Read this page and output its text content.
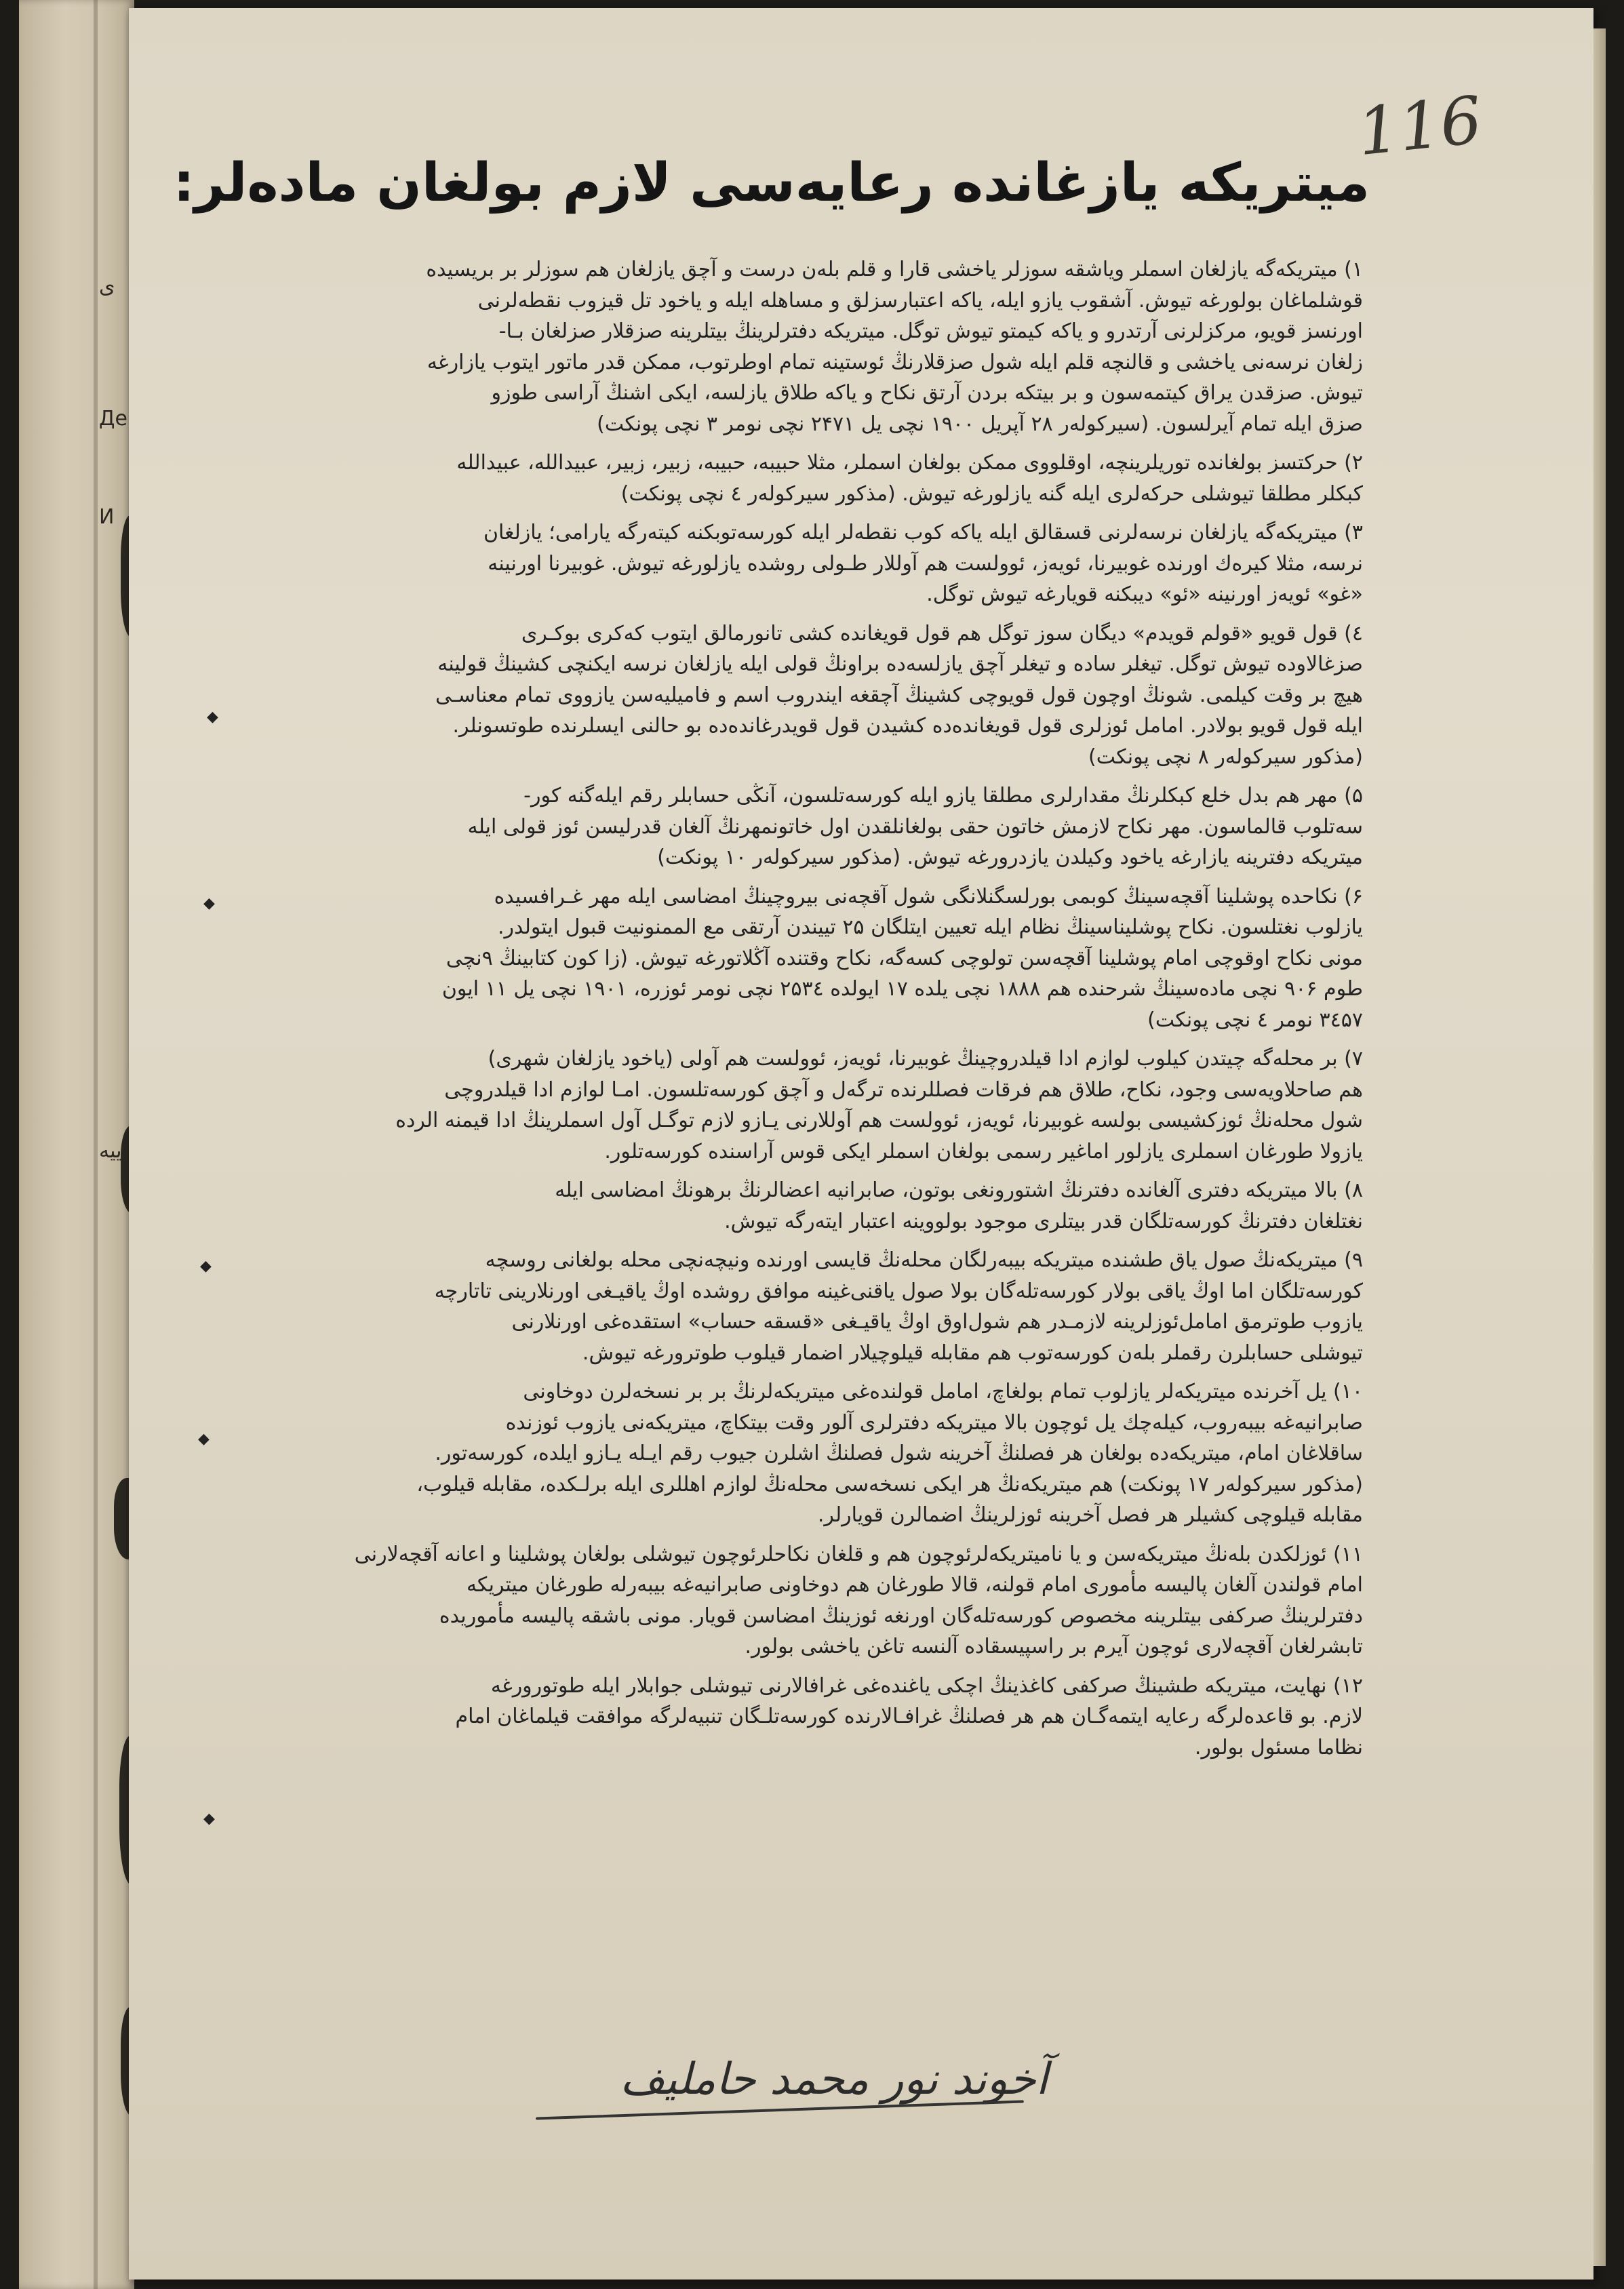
ی
Де
И
ییه
116
میتریکه یازغانده رعایه‌سی لازم بولغان ماده‌لر:
۱) میتریکه‌گه یازلغان اسملر ویاشقه سوزلر یاخشی قارا و قلم بلەن درست و آچق یازلغان هم سوزلر بر بریسیده
قوشلماغان بولورغه تیوش. آشقوب یازو ایله، یاکه اعتبارسزلق و مساهله ایله و یاخود تل قیزوب نقطه‌لرنی
اورنسز قویو، مرکزلرنی آرتدرو و یاکه کیمتو تیوش توگل. میتریکه دفترلرینڭ بیتلرینه صزقلار صزلغان بـا-
زلغان نرسه‌نی یاخشی و قالنچه قلم ایله شول صزقلارنڭ ئوستینه تمام اوطرتوب، ممکن قدر ماتور ایتوب یازارغه
تیوش. صزقدن یراق کیتمه‌سون و بر بیتکه بردن آرتق نکاح و یاکه طلاق یازلسه، ایکی اشنڭ آراسی طوزو
صزق ایله تمام آیرلسون. (سیرکوله‌ر ۲۸ آپریل ۱۹۰۰ نچی یل ۲۴۷۱ نچی نومر ۳ نچی پونکت)
۲) حرکتسز بولغانده توریلرینچه، اوقلووی ممکن بولغان اسملر، مثلا حبیبه، حبیبه، زبیر، زبیر، عبیدالله، عبیدالله
کبکلر مطلقا تیوشلی حرکه‌لری ایله‌ گنه یازلورغه تیوش. (مذکور سیرکوله‌ر ٤ نچی پونکت)
۳) میتریکه‌گه یازلغان نرسه‌لرنی قسقالق ایله یاکه کوب نقطه‌لر ایله کورسه‌توبکنه کیته‌رگه یارامی؛ یازلغان
نرسه، مثلا کیره‌ك اورنده غوبیرنا، ئویه‌ز، ئوولست هم آوللار طـولی روشده یازلورغه تیوش. غوبیرنا اورنینه
«غو» ئویه‌ز اورنینه «ئو» دیبکنه قویارغه تیوش توگل.
٤) قول قویو «قولم قویدم» دیگان سوز توگل هم قول قویغانده کشی تانورمالق ایتوب کەکری بوکـری
صزغالاوده تیوش توگل. تیغلر ساده و تیغلر آچق یازلسه‌ده براونڭ قولی ایله یازلغان نرسه ایکنچی کشینڭ قولینه
هیچ بر وقت کیلمی. شونڭ اوچون قول قویوچی کشینڭ آچقغه ایندروب اسم و فامیلیه‌سن یازووی تمام معناسـی
ایله قول قویو بولادر. امامل ئوزلری قول قویغانده‌ده کشیدن قول قویدرغانده‌ده بو حالنی ایسلرنده طوتسونلر.
(مذکور سیرکوله‌ر ۸ نچی پونکت)
۵) مهر هم بدل خلع کبکلرنڭ مقدارلری مطلقا یازو ایله کورسه‌تلسون، آنڭی حسابلر رقم ایله‌گنه کور-
سه‌تلوب قالماسون. مهر نکاح لازمش خاتون حقی بولغانلقدن اول خاتونمهرنڭ آلغان قدرلیسن ئوز قولی ایله
میتریکه دفترینه یازارغه یاخود وکیلدن یازدرورغه تیوش. (مذکور سیرکوله‌ر ۱۰ پونکت)
۶) نکاحده پوشلینا آقچه‌سینڭ کوبمی بورلسگنلانگی شول آقچه‌نی بیروچینڭ امضاسی ایله مهر غـرافسیده
یازلوب نغتلسون. نکاح پوشلیناسینڭ نظام ایله تعیین ایتلگان ۲۵ تییندن آرتقی مع الممنونیت قبول ایتولدر.
مونی نکاح اوقوچی امام پوشلینا آقچه‌سن تولوچی کسه‌گه، نکاح وقتنده آڭلاتورغه تیوش. (زا کون کتابینڭ ۹نچی
طوم ۹۰۶ نچی ماده‌سینڭ شرحنده هم ۱۸۸۸ نچی یلده ۱۷ ایولده ۲۵۳٤ نچی نومر ئوزره، ۱۹۰۱ نچی یل ۱۱ ایون
۳٤۵۷ نومر ٤ نچی پونکت)
۷) بر محله‌گه چیتدن کیلوب لوازم ادا قیلدروچینڭ غوبیرنا، ئویه‌ز، ئوولست هم آولی (یاخود یازلغان شهری)
هم صاحلاویه‌سی وجود، نکاح، طلاق هم فرقات فصللرنده ترگه‌ل و آچق کورسه‌تلسون. امـا لوازم ادا قیلدروچی
شول محلەنڭ ئوزکشیسی بولسه غوبیرنا، ئویه‌ز، ئوولست هم آوللارنی یـازو لازم توگـل آول اسملرینڭ ادا قیمنه الرده
یازولا طورغان اسملری یازلور اماغیر رسمی بولغان اسملر ایکی قوس آراسنده کورسه‌تلور.
۸) بالا میتریکه دفتری آلغانده دفترنڭ اشتورونغی بوتون، صابرانیه اعضالرنڭ برهونڭ امضاسی ایله
نغتلغان دفترنڭ کورسه‌تلگان قدر بیتلری موجود بولووینه اعتبار ایته‌رگه تیوش.
۹) میتریکه‌نڭ صول یاق طشنده میتریکه بیبه‌رلگان محله‌نڭ قایسی اورنده ونیچه‌نچی محله بولغانی روسچه
کورسه‌تلگان اما اوڭ یاقی بولار کورسه‌تله‌گان بولا صول یاقنی‌غینه موافق روشده اوڭ یاقیـغی اورنلارینی تاتارچه
یازوب طوترمق امامل‌ئوزلرینه لازمـدر هم شول‌اوق اوڭ یاقیـغی «قسقه حساب» استقده‌غی اورنلارنی
تیوشلی حسابلرن رقملر بلەن کورسه‌توب هم مقابله قیلوچیلار اضمار قیلوب طوترورغه تیوش.
۱۰) یل آخرنده میتریکه‌لر یازلوب تمام بولغاچ، امامل قولنده‌غی میتریکه‌لرنڭ بر بر نسخه‌لرن دوخاونی
صابرانیه‌غه بیبه‌روب، کیله‌چك یل ئوچون بالا میتریکه دفترلری آلور وقت بیتکاچ، میتریکه‌نی یازوب ئوزنده
ساقلاغان امام، میتریکه‌ده بولغان هر فصلنڭ آخرینه شول فصلنڭ اشلرن جیوب رقم ایـله یـازو ایلده، کورسه‌تور.
(مذکور سیرکوله‌ر ۱۷ پونکت) هم میتریکه‌نڭ هر ایکی نسخه‌سی محله‌نڭ لوازم اهللری ایله برلـکده، مقابله قیلوب،
مقابله قیلوچی کشیلر هر فصل آخرینه ئوزلرینڭ اضمالرن قویارلر.
۱۱) ئوزلکدن بلەنڭ میتریکه‌سن و یا نامیتریکه‌لرئوچون هم و قلغان نکاحلرئوچون تیوشلی بولغان پوشلینا و اعانه آقچه‌لارنی
امام قولندن آلغان پالیسه مأموری امام قولنه، قالا طورغان هم دوخاونی صابرانیه‌غه بیبه‌رله طورغان میتریکه
دفترلرینڭ صرکفی بیتلرینه مخصوص کورسه‌تله‌گان اورنغه ئوزینڭ امضاسن قویار. مونی باشقه پالیسه مأموریده
تابشرلغان آقچه‌لاری ئوچون آیرم بر راسپیسقاده آلنسه تاغن یاخشی بولور.
۱۲) نهایت، میتریکه طشینڭ صرکفی کاغذینڭ اچکی یاغنده‌غی غرافالارنی تیوشلی جوابلار ایله طوتورورغه
لازم. بو قاعده‌لرگه رعایه ایتمه‌گـان هم هر فصلنڭ غرافـالارنده کورسه‌تلـگان تنبیه‌لرگه موافقت قیلماغان امام
نظاما مسئول بولور.
◆
◆
◆
◆
◆
آخوند نور محمد حاملیف
